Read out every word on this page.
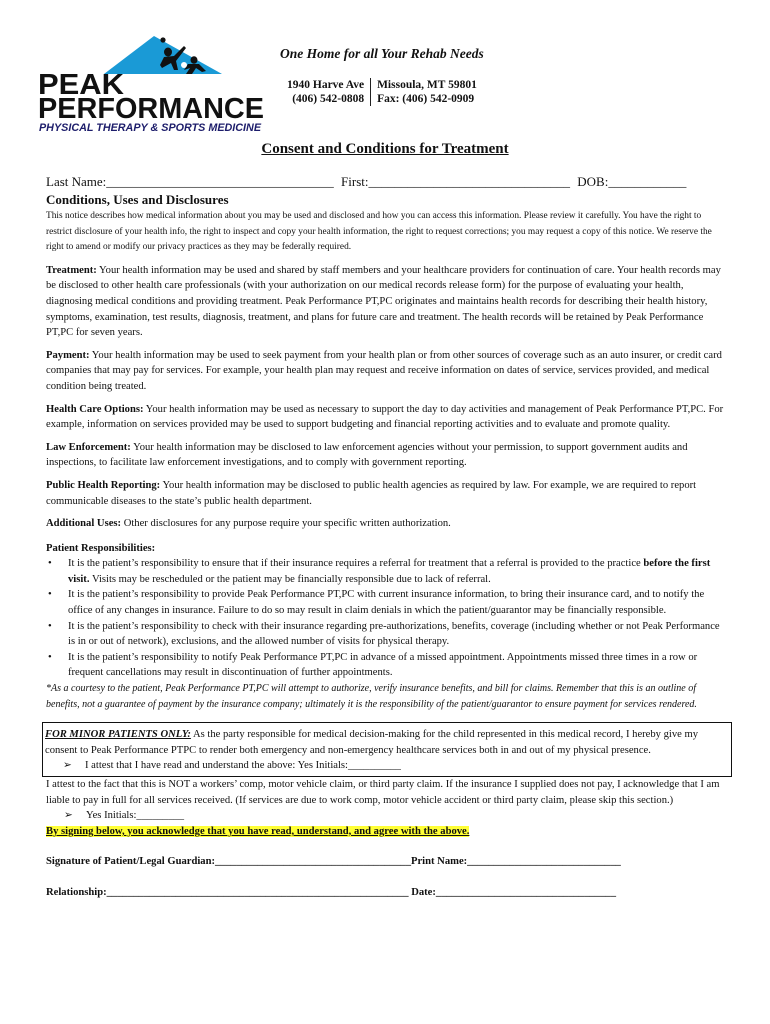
PEAK
PERFORMANCE
PHYSICAL THERAPY & SPORTS MEDICINE
One Home for all Your Rehab Needs
1940 Harve Ave
(406) 542-0808
Missoula, MT 59801
Fax: (406) 542-0909
Consent and Conditions for Treatment
Last Name:___________________________________ First:_______________________________ DOB:____________
Conditions, Uses and Disclosures

This notice describes how medical information about you may be used and disclosed and how you can access this information. Please review it carefully. You have the right to restrict disclosure of your health info, the right to inspect and copy your health information, the right to request corrections; you may request a copy of this notice. We reserve the right to amend or modify our privacy practices as they may be federally required.

Treatment: Your health information may be used and shared by staff members and your healthcare providers for continuation of care. Your health records may be disclosed to other health care professionals (with your authorization on our medical records release form) for the purpose of evaluating your health, diagnosing medical conditions and providing treatment. Peak Performance PT,PC originates and maintains health records for describing their health history, symptoms, examination, test results, diagnosis, treatment, and plans for future care and treatment. The health records will be retained by Peak Performance PT,PC for seven years.

Payment: Your health information may be used to seek payment from your health plan or from other sources of coverage such as an auto insurer, or credit card companies that may pay for services. For example, your health plan may request and receive information on dates of service, services provided, and medical condition being treated.

Health Care Options: Your health information may be used as necessary to support the day to day activities and management of Peak Performance PT,PC. For example, information on services provided may be used to support budgeting and financial reporting activities and to evaluate and promote quality.

Law Enforcement: Your health information may be disclosed to law enforcement agencies without your permission, to support government audits and inspections, to facilitate law enforcement investigations, and to comply with government reporting.

Public Health Reporting: Your health information may be disclosed to public health agencies as required by law. For example, we are required to report communicable diseases to the state’s public health department.

Additional Uses: Other disclosures for any purpose require your specific written authorization.

Patient Responsibilities:
• It is the patient’s responsibility to ensure that if their insurance requires a referral for treatment that a referral is provided to the practice before the first visit. Visits may be rescheduled or the patient may be financially responsible due to lack of referral.
• It is the patient’s responsibility to provide Peak Performance PT,PC with current insurance information, to bring their insurance card, and to notify the office of any changes in insurance. Failure to do so may result in claim denials in which the patient/guarantor may be financially responsible.
• It is the patient’s responsibility to check with their insurance regarding pre-authorizations, benefits, coverage (including whether or not Peak Performance is in or out of network), exclusions, and the allowed number of visits for physical therapy.
• It is the patient’s responsibility to notify Peak Performance PT,PC in advance of a missed appointment. Appointments missed three times in a row or frequent cancellations may result in discontinuation of further appointments.

*As a courtesy to the patient, Peak Performance PT,PC will attempt to authorize, verify insurance benefits, and bill for claims. Remember that this is an outline of benefits, not a guarantee of payment by the insurance company; ultimately it is the responsibility of the patient/guarantor to ensure payment for services rendered.

FOR MINOR PATIENTS ONLY: As the party responsible for medical decision-making for the child represented in this medical record, I hereby give my consent to Peak Performance PTPC to render both emergency and non-emergency healthcare services both in and out of my physical presence.

➢ I attest that I have read and understand the above: Yes Initials:__________

I attest to the fact that this is NOT a workers’ comp, motor vehicle claim, or third party claim. If the insurance I supplied does not pay, I acknowledge that I am liable to pay in full for all services received. (If services are due to work comp, motor vehicle accident or third party claim, please skip this section.)

➢ Yes Initials:_________

By signing below, you acknowledge that you have read, understand, and agree with the above.

Signature of Patient/Legal Guardian:_____________________________________Print Name:_____________________________

Relationship:_________________________________________________________ Date:__________________________________
